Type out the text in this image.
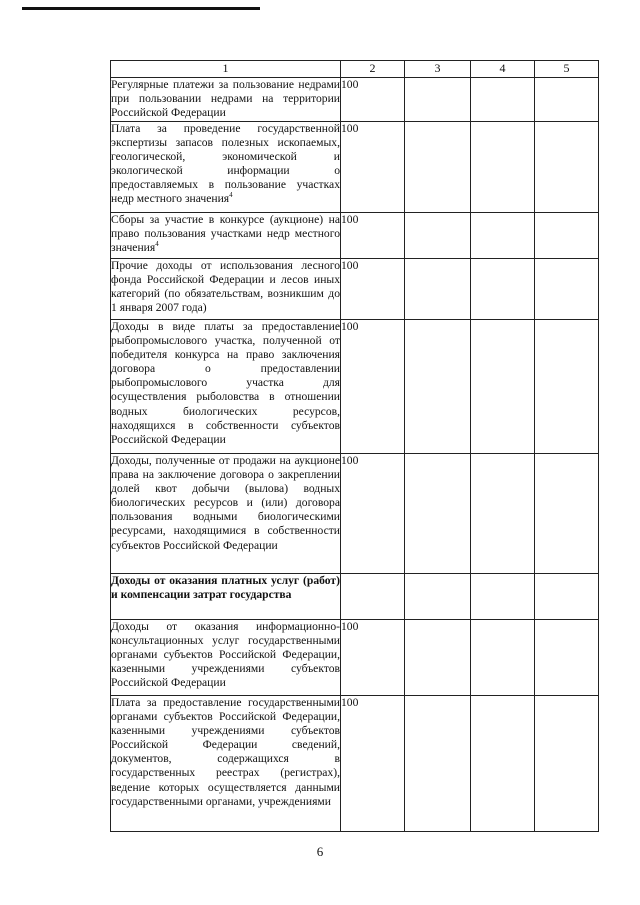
1	2	3	4	5
Регулярные платежи за пользование недрами при пользовании недрами на территории Российской Федерации	100			
Плата за проведение государственной экспертизы запасов полезных ископаемых, геологической, экономической и экологической информации о предоставляемых в пользование участках недр местного значения$^4$	100			
Сборы за участие в конкурсе (аукционе) на право пользования участками недр местного значения$^4$	100			
Прочие доходы от использования лесного фонда Российской Федерации и лесов иных категорий (по обязательствам, возникшим до 1 января 2007 года)	100			
Доходы в виде платы за предоставление рыбопромыслового участка, полученной от победителя конкурса на право заключения договора о предоставлении рыбопромыслового участка для осуществления рыболовства в отношении водных биологических ресурсов, находящихся в собственности субъектов Российской Федерации	100			
Доходы, полученные от продажи на аукционе права на заключение договора о закреплении долей квот добычи (вылова) водных биологических ресурсов и (или) договора пользования водными биологическими ресурсами, находящимися в собственности субъектов Российской Федерации	100			
Доходы от оказания платных услуг (работ) и компенсации затрат государства				
Доходы от оказания информационно-консультационных услуг государственными органами субъектов Российской Федерации, казенными учреждениями субъектов Российской Федерации	100			
Плата за предоставление государственными органами субъектов Российской Федерации, казенными учреждениями субъектов Российской Федерации сведений, документов, содержащихся в государственных реестрах (регистрах), ведение которых осуществляется данными государственными органами, учреждениями	100			
6
